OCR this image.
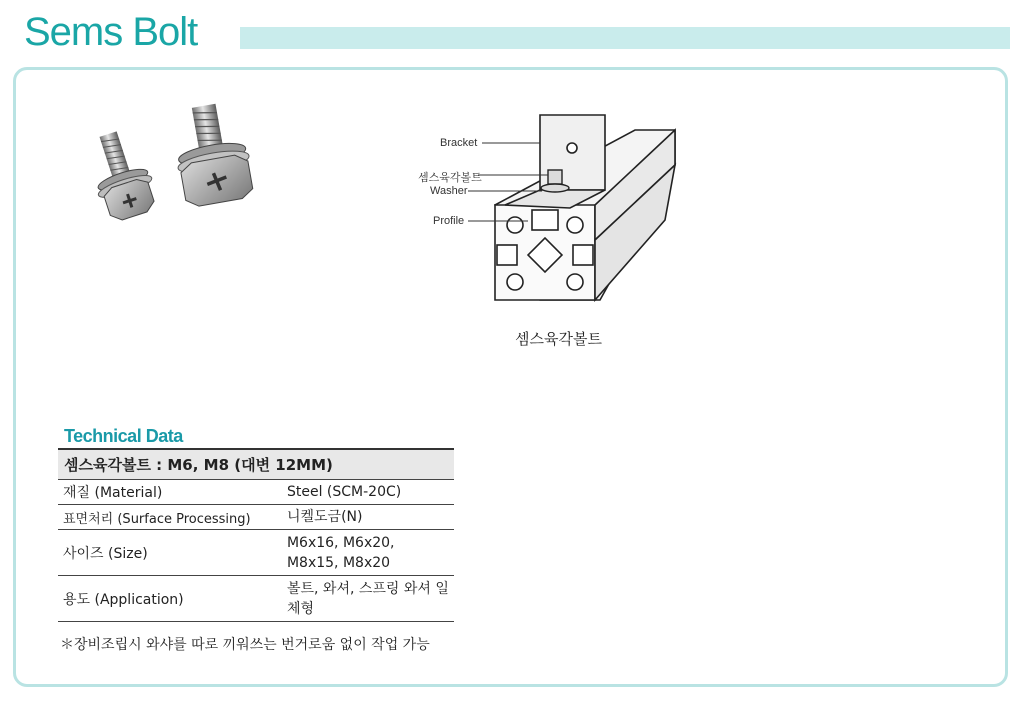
Sems Bolt
Bracket
셈스육각볼트
Washer
Profile
셈스육각볼트
Technical Data
셈스육각볼트 : M6, M8 (대변 12MM)	
재질 (Material)	Steel (SCM-20C)
표면처리 (Surface Processing)	니켈도금(N)
사이즈 (Size)	M6x16, M6x20, M8x15, M8x20
용도 (Application)	볼트, 와셔, 스프링 와셔 일체형
＊장비조립시 와샤를 따로 끼워쓰는 번거로움 없이 작업 가능
